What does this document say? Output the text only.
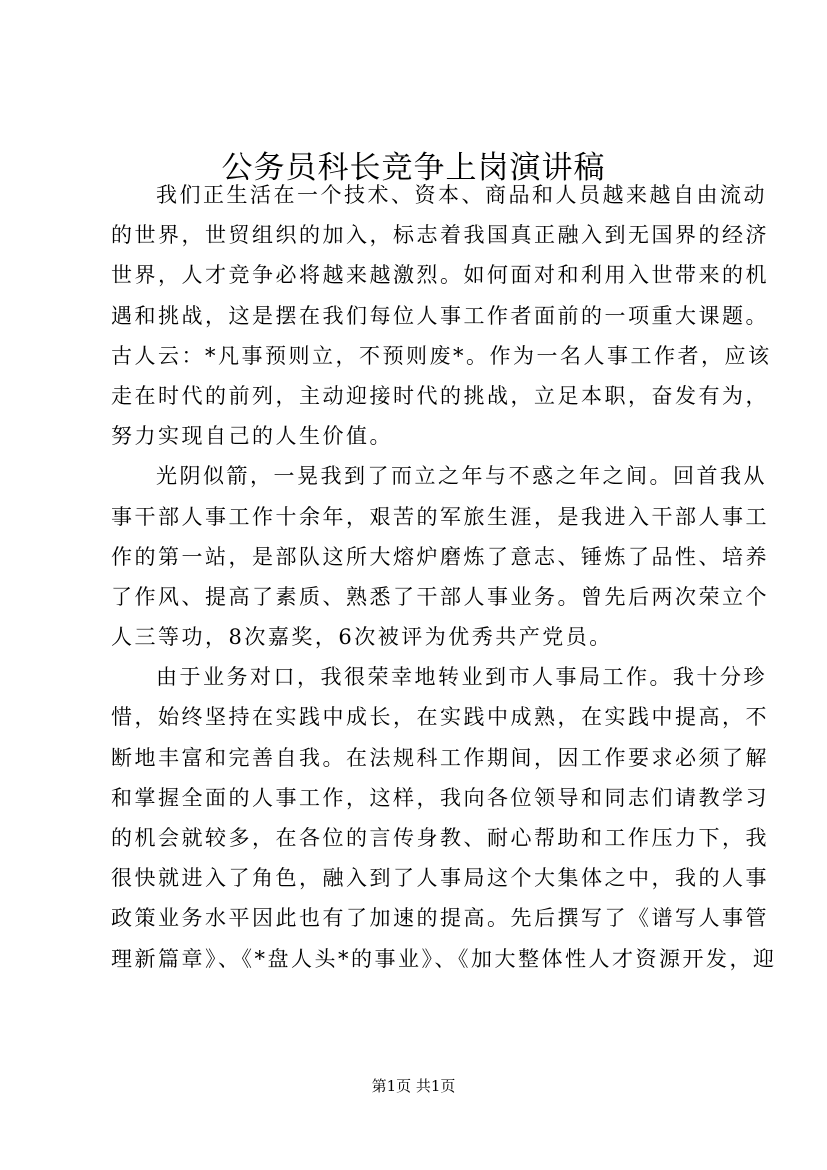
公务员科长竞争上岗演讲稿
我们正生活在一个技术、资本、商品和人员越来越自由流动
的世界，世贸组织的加入，标志着我国真正融入到无国界的经济
世界，人才竞争必将越来越激烈。如何面对和利用入世带来的机
遇和挑战，这是摆在我们每位人事工作者面前的一项重大课题。
古人云：*凡事预则立，不预则废*。作为一名人事工作者，应该
走在时代的前列，主动迎接时代的挑战，立足本职，奋发有为，
努力实现自己的人生价值。
光阴似箭，一晃我到了而立之年与不惑之年之间。回首我从
事干部人事工作十余年，艰苦的军旅生涯，是我进入干部人事工
作的第一站，是部队这所大熔炉磨炼了意志、锤炼了品性、培养
了作风、提高了素质、熟悉了干部人事业务。曾先后两次荣立个
人三等功，8次嘉奖，6次被评为优秀共产党员。
由于业务对口，我很荣幸地转业到市人事局工作。我十分珍
惜，始终坚持在实践中成长，在实践中成熟，在实践中提高，不
断地丰富和完善自我。在法规科工作期间，因工作要求必须了解
和掌握全面的人事工作，这样，我向各位领导和同志们请教学习
的机会就较多，在各位的言传身教、耐心帮助和工作压力下，我
很快就进入了角色，融入到了人事局这个大集体之中，我的人事
政策业务水平因此也有了加速的提高。先后撰写了《谱写人事管
理新篇章》、《*盘人头*的事业》、《加大整体性人才资源开发，迎
第1页 共1页
